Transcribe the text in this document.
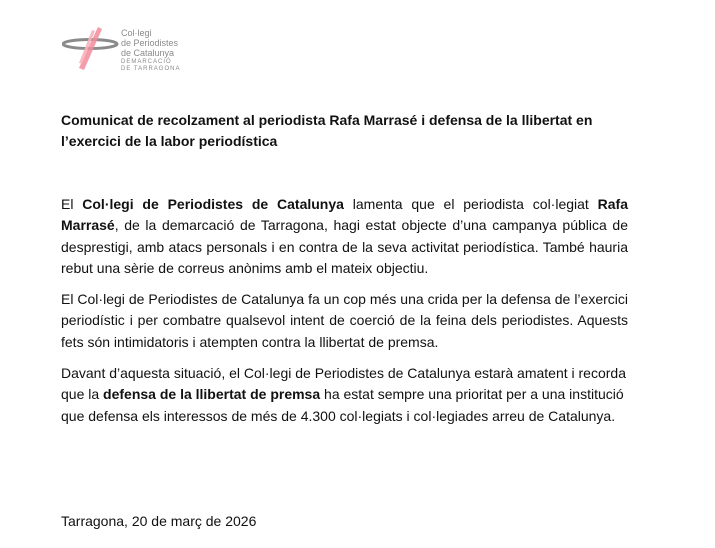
Col·legi
de Periodistes
de Catalunya
DEMARCACIÓ
DE TARRAGONA
Comunicat de recolzament al periodista Rafa Marrasé i defensa de la llibertat en l’exercici de la labor periodística

El Col·legi de Periodistes de Catalunya lamenta que el periodista col·legiat Rafa Marrasé, de la demarcació de Tarragona, hagi estat objecte d’una campanya pública de desprestigi, amb atacs personals i en contra de la seva activitat periodística. També hauria rebut una sèrie de correus anònims amb el mateix objectiu.

El Col·legi de Periodistes de Catalunya fa un cop més una crida per la defensa de l’exercici periodístic i per combatre qualsevol intent de coerció de la feina dels periodistes. Aquests fets són intimidatoris i atempten contra la llibertat de premsa.

Davant d’aquesta situació, el Col·legi de Periodistes de Catalunya estarà amatent i recorda que la defensa de la llibertat de premsa ha estat sempre una prioritat per a una institució que defensa els interessos de més de 4.300 col·legiats i col·legiades arreu de Catalunya.

Tarragona, 20 de març de 2026
